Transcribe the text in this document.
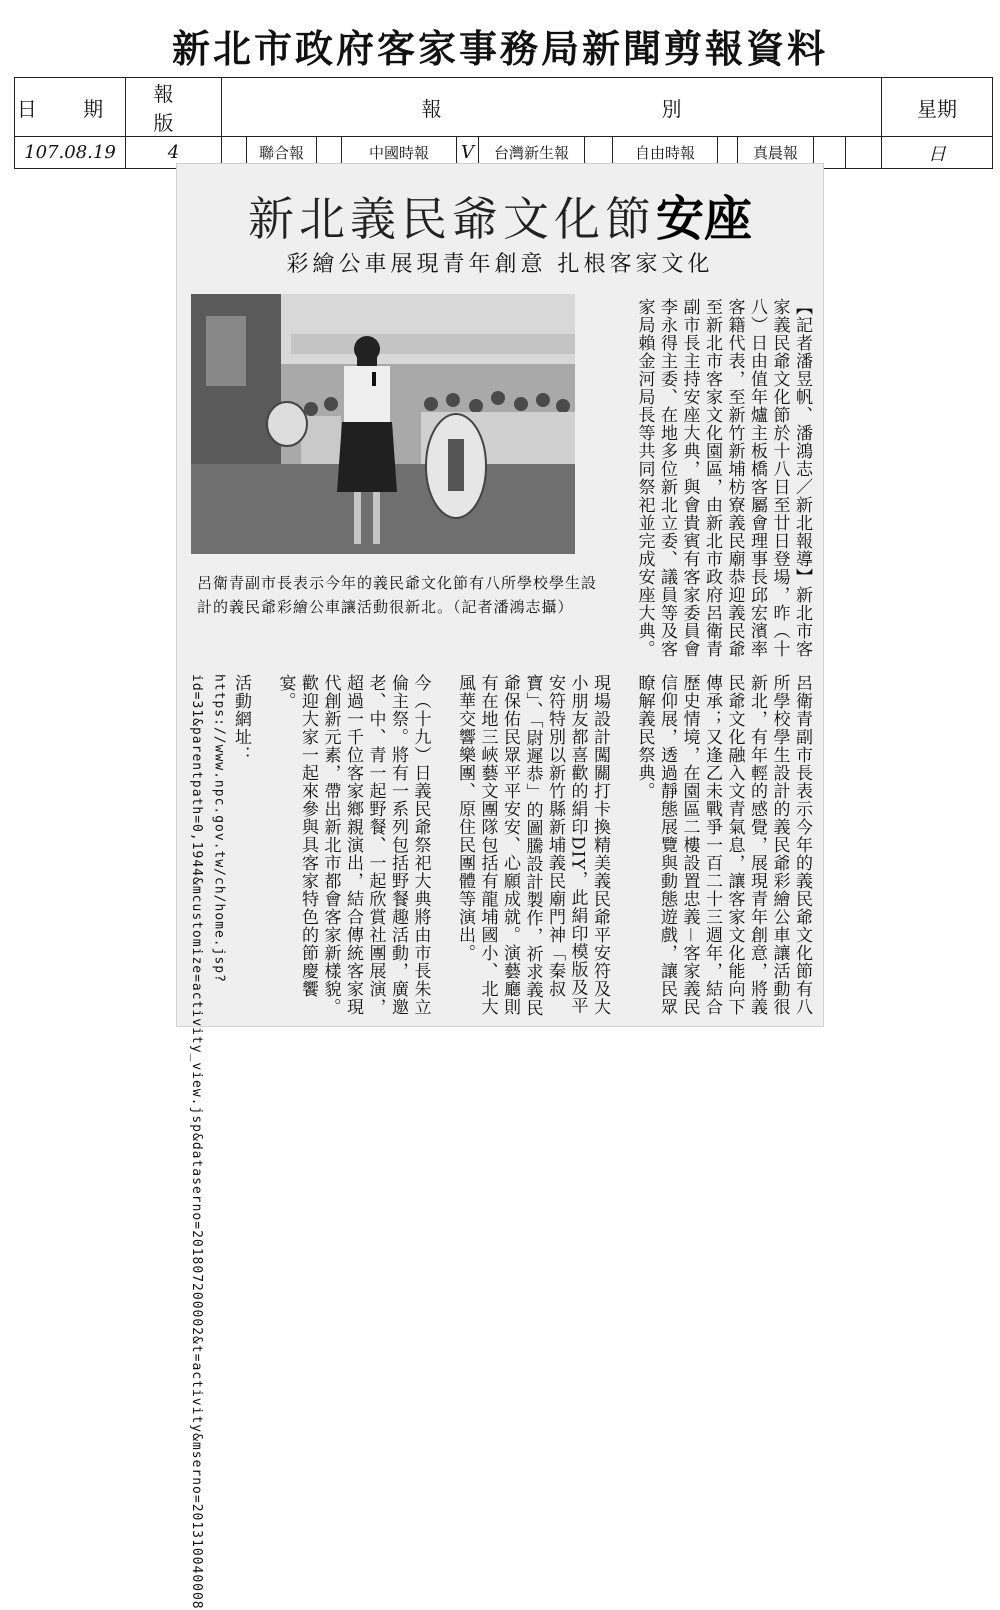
新北市政府客家事務局新聞剪報資料
日 期	報 版	報 別												星期
107.08.19	4		聯合報		中國時報	V	台灣新生報		自由時報		真晨報			日
新北義民爺文化節安座
彩繪公車展現青年創意 扎根客家文化
呂衛青副市長表示今年的義民爺文化節有八所學校學生設計的義民爺彩繪公車讓活動很新北。（記者潘鴻志攝）	【記者潘昱帆、潘鴻志／新北報導】新北市客家義民爺文化節於十八日至廿日登場，昨（十八）日由值年爐主板橋客屬會理事長邱宏濱率客籍代表，至新竹新埔枋寮義民廟恭迎義民爺至新北市客家文化園區，由新北市政府呂衛青副市長主持安座大典，與會貴賓有客家委員會李永得主委、在地多位新北立委、議員等及客家局賴金河局長等共同祭祀並完成安座大典。

呂衛青副市長表示今年的義民爺文化節有八所學校學生設計的義民爺彩繪公車讓活動很新北，有年輕的感覺，展現青年創意，將義民爺文化融入文青氣息，讓客家文化能向下傳承；又逢乙未戰爭一百二十三週年，結合歷史情境，在園區二樓設置忠義－客家義民信仰展，透過靜態展覽與動態遊戲，讓民眾瞭解義民祭典。

現場設計闖關打卡換精美義民爺平安符及大小朋友都喜歡的絹印DIY，此絹印模版及平安符特別以新竹縣新埔義民廟門神「秦叔寶」、「尉遲恭」的圖騰設計製作，祈求義民爺保佑民眾平平安安、心願成就。演藝廳則有在地三峽藝文團隊包括有龍埔國小、北大風華交響樂團、原住民團體等演出。

今（十九）日義民爺祭祀大典將由市長朱立倫主祭。將有一系列包括野餐趣活動，廣邀老、中、青一起野餐、一起欣賞社團展演，超過一千位客家鄉親演出，結合傳統客家現代創新元素，帶出新北市都會客家新樣貌。歡迎大家一起來參與具客家特色的節慶饗宴。

活動網址：https://www.npc.gov.tw/ch/home.jsp?id=31&parentpath=0,1944&mcustomize=activity_view.jsp&dataserno=201807200002&t=activity&mserno=201310040008
